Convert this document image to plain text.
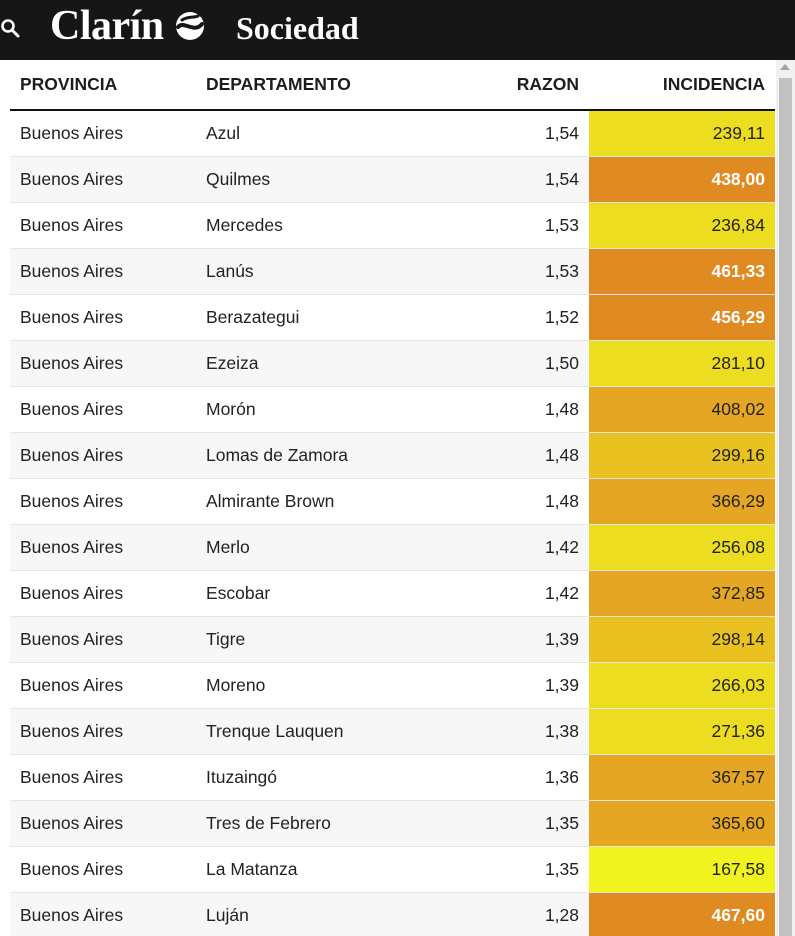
Clarín Sociedad
PROVINCIA	DEPARTAMENTO	RAZON	INCIDENCIA
Buenos Aires	Azul	1,54	239,11
Buenos Aires	Quilmes	1,54	438,00
Buenos Aires	Mercedes	1,53	236,84
Buenos Aires	Lanús	1,53	461,33
Buenos Aires	Berazategui	1,52	456,29
Buenos Aires	Ezeiza	1,50	281,10
Buenos Aires	Morón	1,48	408,02
Buenos Aires	Lomas de Zamora	1,48	299,16
Buenos Aires	Almirante Brown	1,48	366,29
Buenos Aires	Merlo	1,42	256,08
Buenos Aires	Escobar	1,42	372,85
Buenos Aires	Tigre	1,39	298,14
Buenos Aires	Moreno	1,39	266,03
Buenos Aires	Trenque Lauquen	1,38	271,36
Buenos Aires	Ituzaingó	1,36	367,57
Buenos Aires	Tres de Febrero	1,35	365,60
Buenos Aires	La Matanza	1,35	167,58
Buenos Aires	Luján	1,28	467,60
